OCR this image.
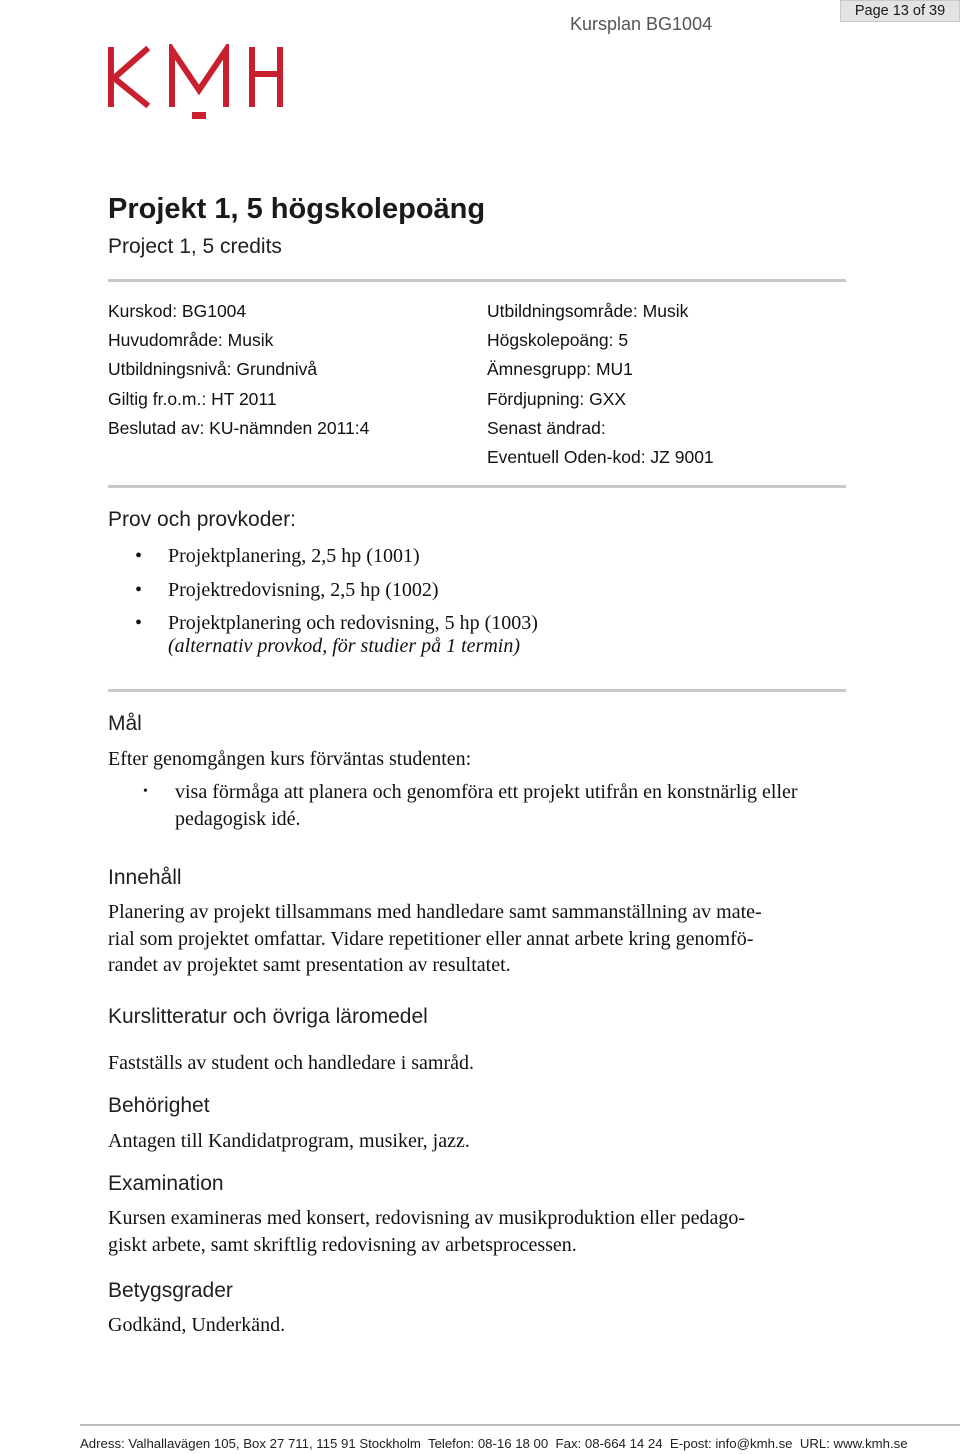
Page 13 of 39
Kursplan BG1004
Projekt 1, 5 högskolepoäng
Project 1, 5 credits
Kurskod: BG1004
Huvudområde: Musik
Utbildningsnivå: Grundnivå
Giltig fr.o.m.: HT 2011
Beslutad av: KU-nämnden 2011:4
Utbildningsområde: Musik
Högskolepoäng: 5
Ämnesgrupp: MU1
Fördjupning: GXX
Senast ändrad:
Eventuell Oden-kod: JZ 9001
Prov och provkoder:
• Projektplanering, 2,5 hp (1001)
• Projektredovisning, 2,5 hp (1002)
• Projektplanering och redovisning, 5 hp (1003)
(alternativ provkod, för studier på 1 termin)
Mål
Efter genomgången kurs förväntas studenten:
•	visa förmåga att planera och genomföra ett projekt utifrån en konstnärlig eller pedagogisk idé.
Innehåll
Planering av projekt tillsammans med handledare samt sammanställning av mate-
rial som projektet omfattar. Vidare repetitioner eller annat arbete kring genomfö-
randet av projektet samt presentation av resultatet.
Kurslitteratur och övriga läromedel
Fastställs av student och handledare i samråd.
Behörighet
Antagen till Kandidatprogram, musiker, jazz.
Examination
Kursen examineras med konsert, redovisning av musikproduktion eller pedago-
giskt arbete, samt skriftlig redovisning av arbetsprocessen.
Betygsgrader
Godkänd, Underkänd.
Adress: Valhallavägen 105, Box 27 711, 115 91 Stockholm  Telefon: 08-16 18 00  Fax: 08-664 14 24  E-post: info@kmh.se  URL: www.kmh.se
